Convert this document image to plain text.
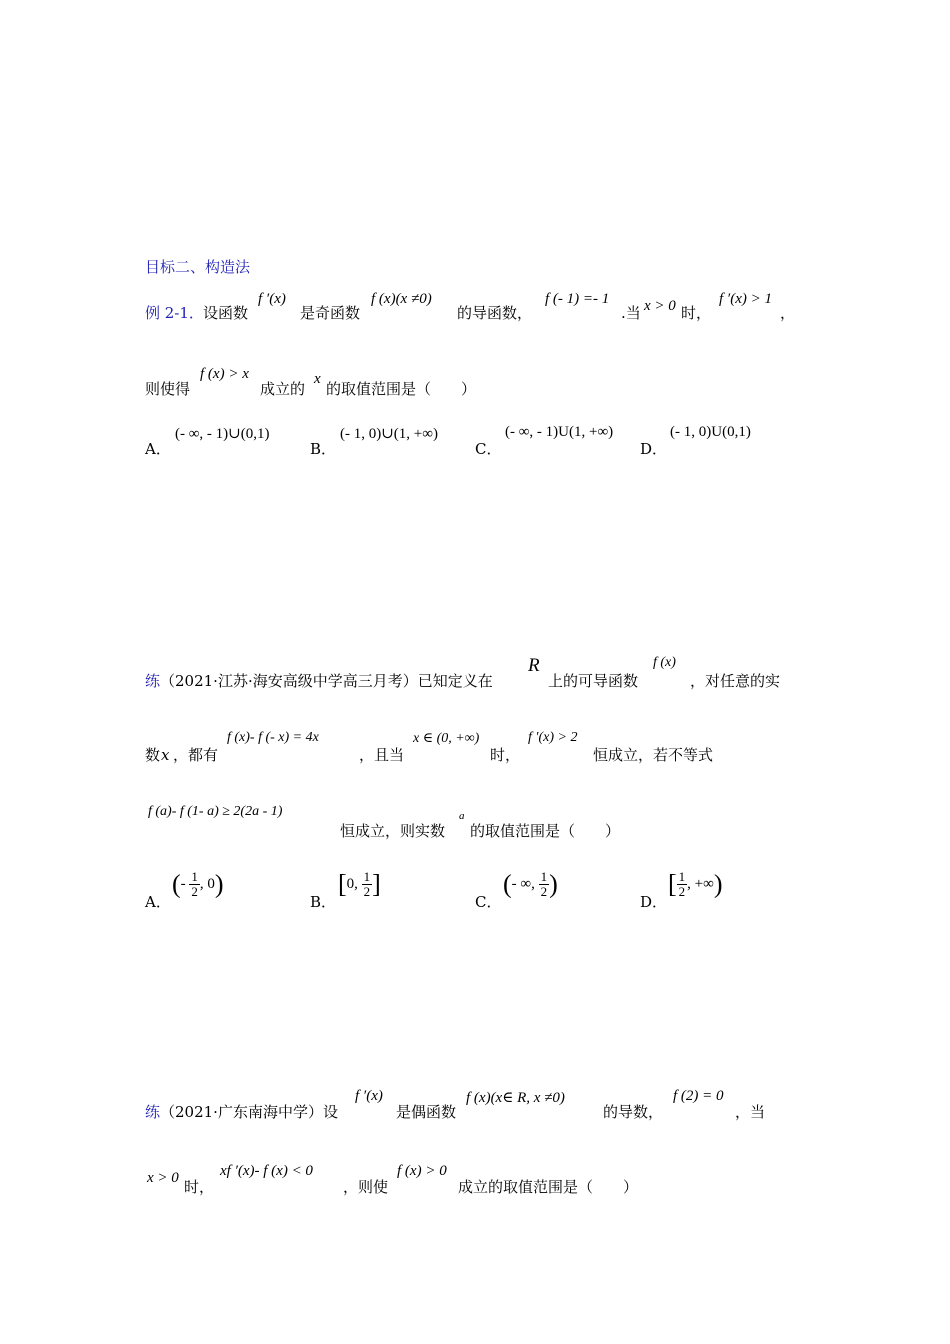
目标二、构造法
例 2-1． 设函数
f ′(x)
是奇函数
f (x)(x ≠0)
的导函数，
f (- 1) =- 1
.当 x > 0 时，
f ′(x) > 1
，
则使得
f (x) > x
成立的
x
的取值范围是（　　）
A．
(- ∞, - 1)∪(0,1)
B．
(- 1, 0)∪(1, +∞)
C．
(- ∞, - 1)U(1, +∞)
D．
(- 1, 0)U(0,1)
练 （2021·江苏·海安高级中学高三月考）已知定义在
R
上的可导函数
f (x)
，对任意的实
数 x ，都有
f (x)- f (- x) = 4x
，且当
x ∈ (0, +∞)
时，
f ′(x) > 2
恒成立，若不等式
f (a)- f (1- a) ≥ 2(2a - 1)
恒成立，则实数
a
的取值范围是（　　）
A．
(- $\frac{1}{2}$ , 0)
B．
[0, $\frac{1}{2}$ ]
C．
(- ∞, $\frac{1}{2}$ )
D．
[ $\frac{1}{2}$ , +∞)
练 （2021·广东南海中学）设
f ′(x)
是偶函数
f (x)(x∈ R, x ≠0)
的导数，
f (2) = 0
，当
x > 0 时，
xf ′(x)- f (x) < 0
，则使
f (x) > 0
成立的取值范围是（　　）
